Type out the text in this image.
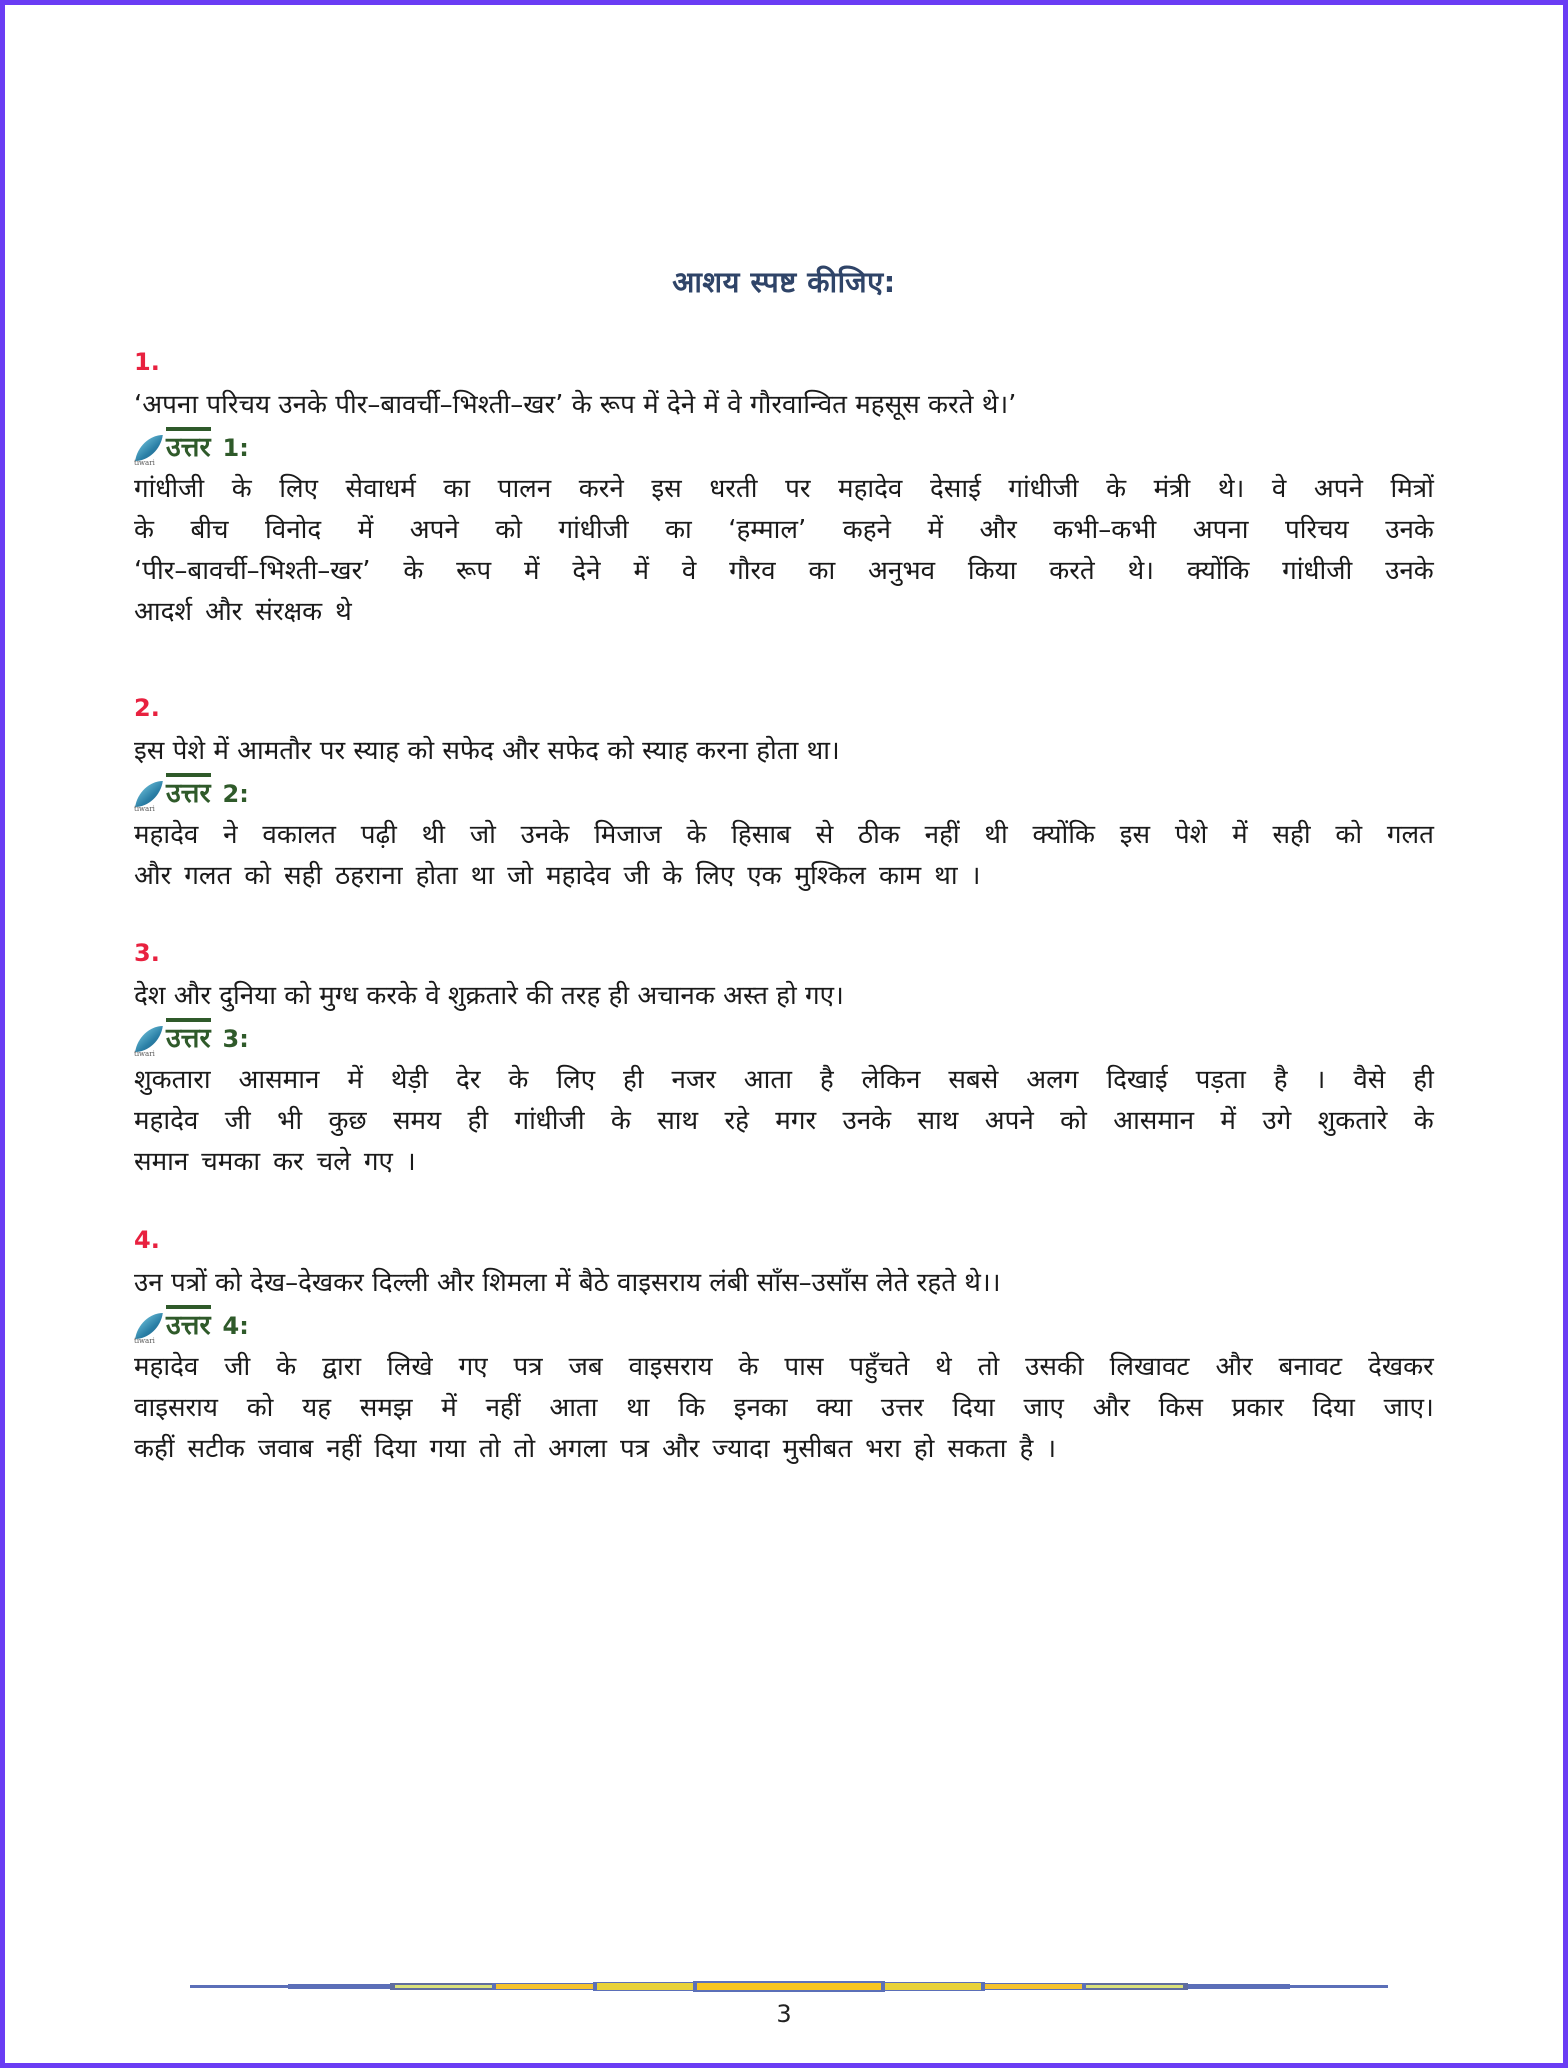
आशय स्पष्ट कीजिए:
1.
‘अपना परिचय उनके पीर–बावर्ची–भिश्ती–खर’ के रूप में देने में वे गौरवान्वित महसूस करते थे।’
tiwari उत्तर 1:
गांधीजी के लिए सेवाधर्म का पालन करने इस धरती पर महादेव देसाई गांधीजी के मंत्री थे। वे अपने मित्रों
के बीच विनोद में अपने को गांधीजी का ‘हम्माल’ कहने में और कभी–कभी अपना परिचय उनके
‘पीर–बावर्ची–भिश्ती–खर’ के रूप में देने में वे गौरव का अनुभव किया करते थे। क्योंकि गांधीजी उनके
आदर्श और संरक्षक थे
2.
इस पेशे में आमतौर पर स्याह को सफेद और सफेद को स्याह करना होता था।
tiwari उत्तर 2:
महादेव ने वकालत पढ़ी थी जो उनके मिजाज के हिसाब से ठीक नहीं थी क्योंकि इस पेशे में सही को गलत
और गलत को सही ठहराना होता था जो महादेव जी के लिए एक मुश्किल काम था ।
3.
देश और दुनिया को मुग्ध करके वे शुक्रतारे की तरह ही अचानक अस्त हो गए।
tiwari उत्तर 3:
शुकतारा आसमान में थेड़ी देर के लिए ही नजर आता है लेकिन सबसे अलग दिखाई पड़ता है । वैसे ही
महादेव जी भी कुछ समय ही गांधीजी के साथ रहे मगर उनके साथ अपने को आसमान में उगे शुकतारे के
समान चमका कर चले गए ।
4.
उन पत्रों को देख–देखकर दिल्ली और शिमला में बैठे वाइसराय लंबी साँस–उसाँस लेते रहते थे।।
tiwari उत्तर 4:
महादेव जी के द्वारा लिखे गए पत्र जब वाइसराय के पास पहुँचते थे तो उसकी लिखावट और बनावट देखकर
वाइसराय को यह समझ में नहीं आता था कि इनका क्या उत्तर दिया जाए और किस प्रकार दिया जाए।
कहीं सटीक जवाब नहीं दिया गया तो तो अगला पत्र और ज्यादा मुसीबत भरा हो सकता है ।
3
